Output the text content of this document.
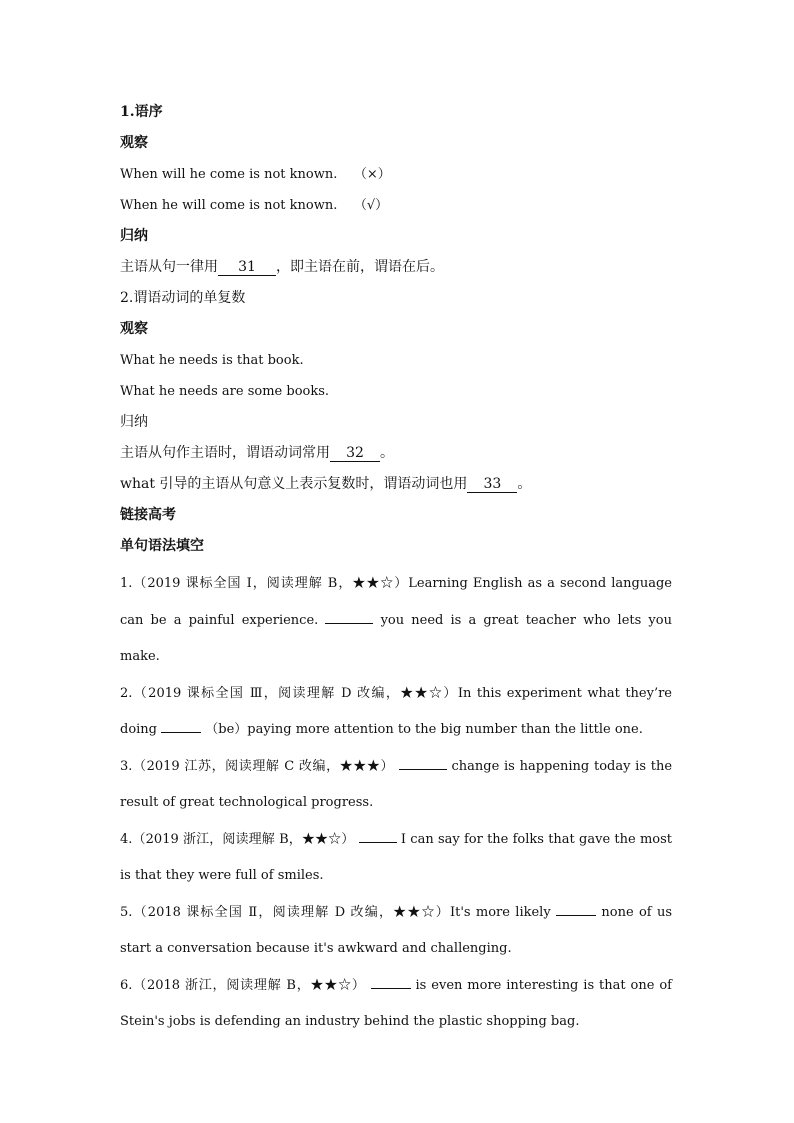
1.语序
观察
When will he come is not known. （×）
When he will come is not known. （√）
归纳
主语从句一律用 31 ，即主语在前，谓语在后。
2.谓语动词的单复数
观察
What he needs is that book.
What he needs are some books.
归纳
主语从句作主语时，谓语动词常用 32 。
what 引导的主语从句意义上表示复数时，谓语动词也用 33 。
链接高考
单句语法填空
1.（2019 课标全国 I，阅读理解 B，★★☆）Learning English as a second language can be a painful experience.	you need is a great teacher who lets you make.
2.（2019 课标全国 Ⅲ，阅读理解 D 改编，★★☆）In this experiment what they’re doing	（be）paying more attention to the big number than the little one.
3.（2019 江苏，阅读理解 C 改编，★★★）	change is happening today is the result of great technological progress.
4.（2019 浙江，阅读理解 B，★★☆）	I can say for the folks that gave the most is that they were full of smiles.
5.（2018 课标全国 Ⅱ，阅读理解 D 改编，★★☆）It's more likely	none of us start a conversation because it's awkward and challenging.
6.（2018 浙江，阅读理解 B，★★☆）	is even more interesting is that one of Stein's jobs is defending an industry behind the plastic shopping bag.
